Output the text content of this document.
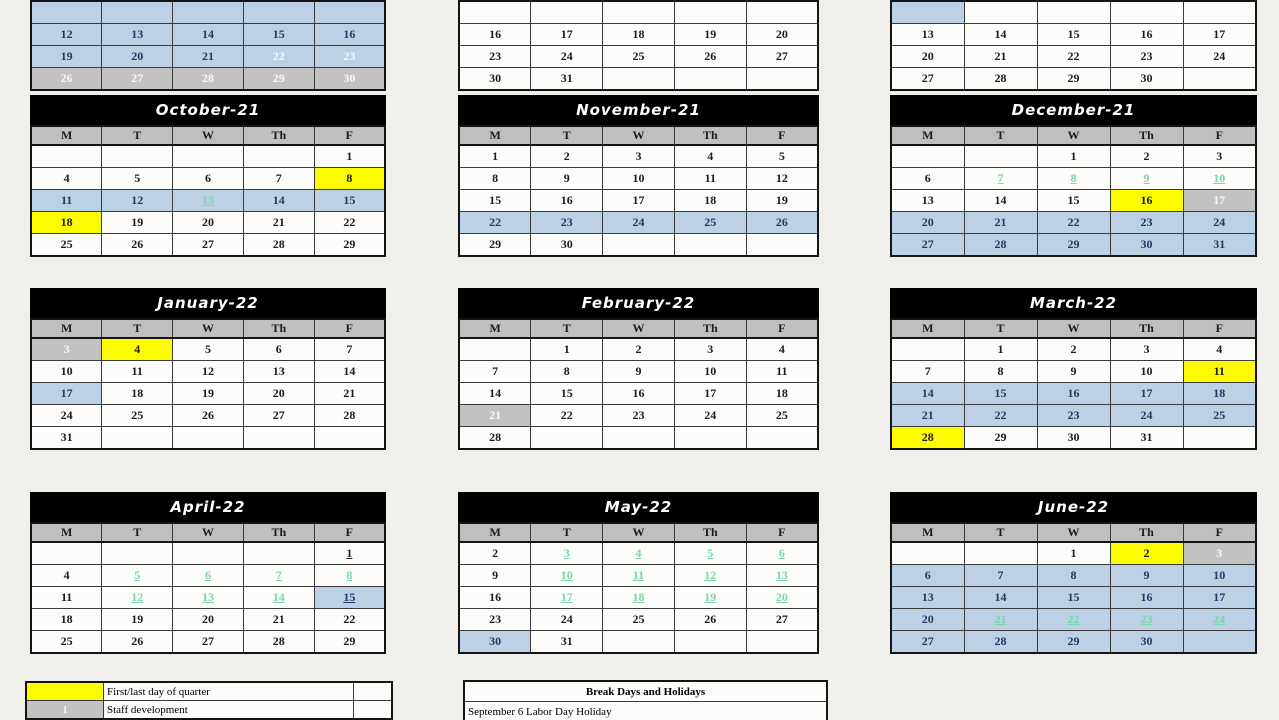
12	13	14	15	16
19	20	21	22	23
26	27	28	29	30

16	17	18	19	20
23	24	25	26	27
30	31			

13	14	15	16	17
20	21	22	23	24
27	28	29	30	
October-21
M	T	W	Th	F
				1
4	5	6	7	8
11	12	13	14	15
18	19	20	21	22
25	26	27	28	29
November-21
M	T	W	Th	F
1	2	3	4	5
8	9	10	11	12
15	16	17	18	19
22	23	24	25	26
29	30			
December-21
M	T	W	Th	F
		1	2	3
6	7	8	9	10
13	14	15	16	17
20	21	22	23	24
27	28	29	30	31
January-22
M	T	W	Th	F
3	4	5	6	7
10	11	12	13	14
17	18	19	20	21
24	25	26	27	28
31				
February-22
M	T	W	Th	F
	1	2	3	4
7	8	9	10	11
14	15	16	17	18
21	22	23	24	25
28				
March-22
M	T	W	Th	F
	1	2	3	4
7	8	9	10	11
14	15	16	17	18
21	22	23	24	25
28	29	30	31	
April-22
M	T	W	Th	F
				1
4	5	6	7	8
11	12	13	14	15
18	19	20	21	22
25	26	27	28	29
May-22
M	T	W	Th	F
2	3	4	5	6
9	10	11	12	13
16	17	18	19	20
23	24	25	26	27
30	31			
June-22
M	T	W	Th	F
		1	2	3
6	7	8	9	10
13	14	15	16	17
20	21	22	23	24
27	28	29	30	
	First/last day of quarter	
1	Staff development	
Break Days and Holidays
September 6 Labor Day Holiday
